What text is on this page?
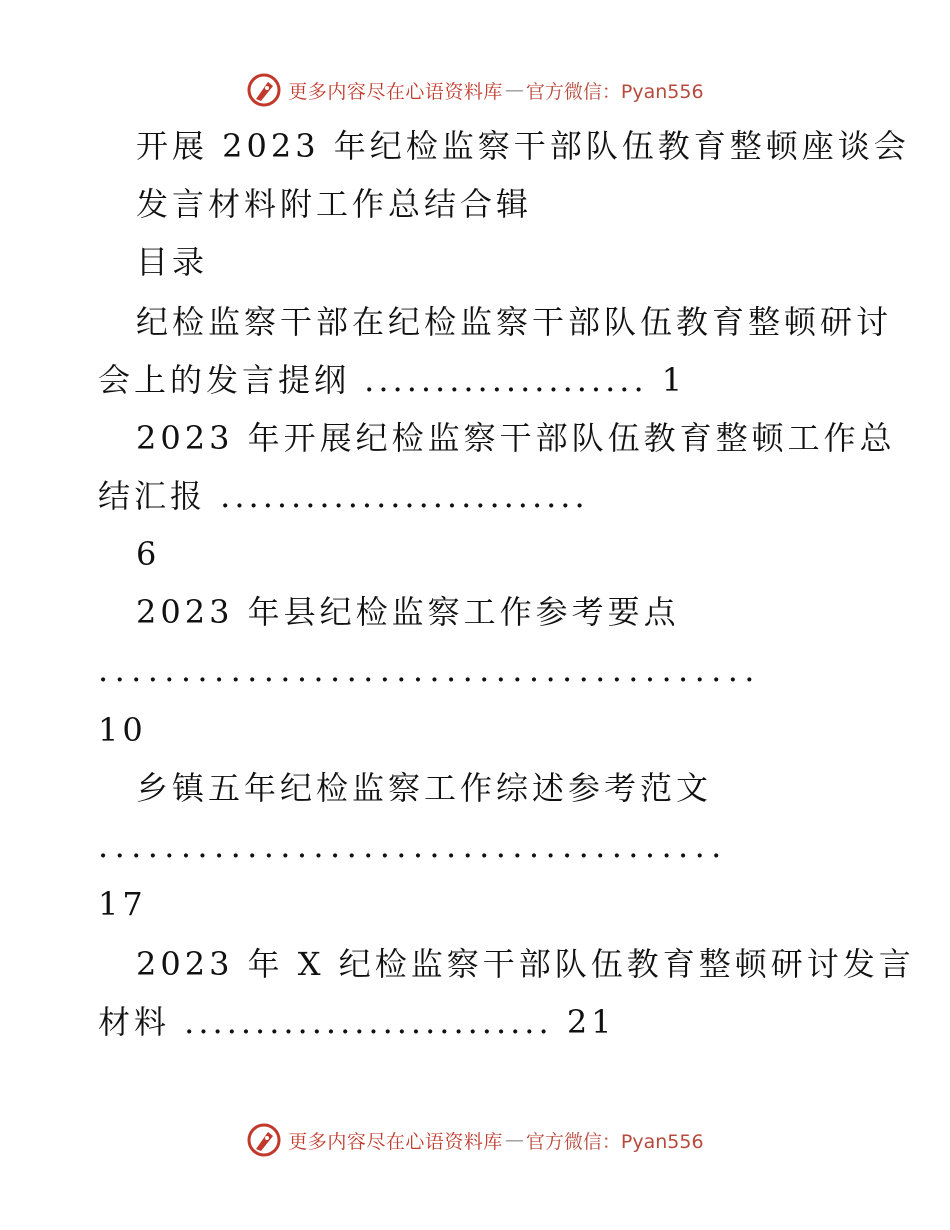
更多内容尽在心语资料库 — 官方微信：Pyan556

开展 2023 年纪检监察干部队伍教育整顿座谈会

发言材料附工作总结合辑

目录

纪检监察干部在纪检监察干部队伍教育整顿研讨

会上的发言提纲 .................... 1

2023 年开展纪检监察干部队伍教育整顿工作总

结汇报 ..........................

6

2023 年县纪检监察工作参考要点

........................................

10

乡镇五年纪检监察工作综述参考范文

......................................

17

2023 年 X 纪检监察干部队伍教育整顿研讨发言

材料 .......................... 21

更多内容尽在心语资料库 — 官方微信：Pyan556
